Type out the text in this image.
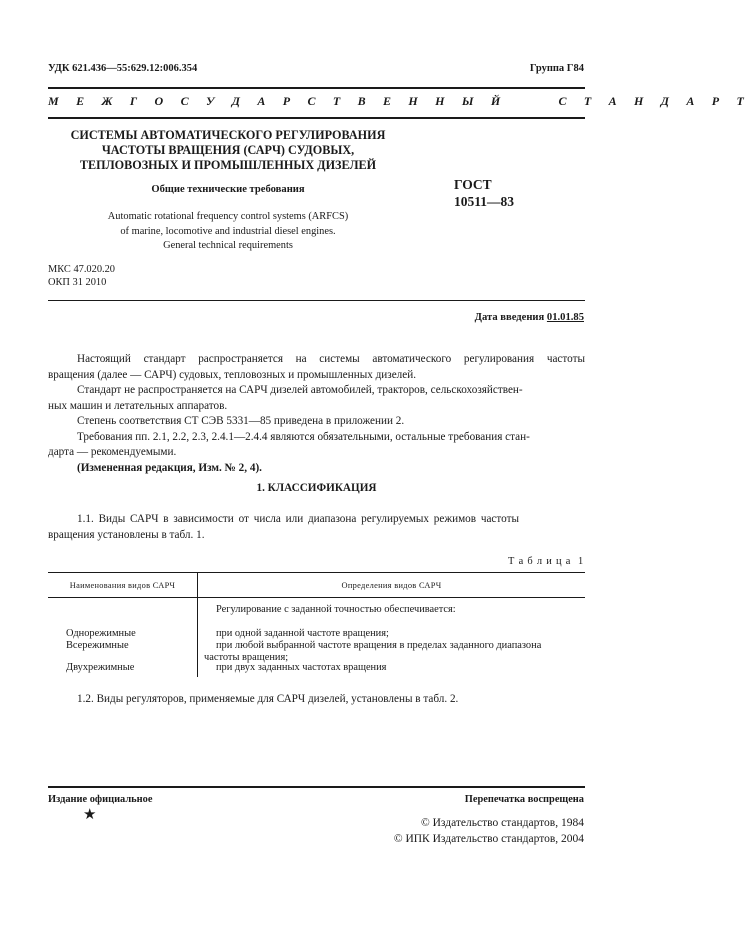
УДК 621.436—55:629.12:006.354	Группа Г84
М Е Ж Г О С У Д А Р С Т В Е Н Н Ы Й     С Т А Н Д А Р Т
СИСТЕМЫ АВТОМАТИЧЕСКОГО РЕГУЛИРОВАНИЯ
ЧАСТОТЫ ВРАЩЕНИЯ (САРЧ) СУДОВЫХ,
ТЕПЛОВОЗНЫХ И ПРОМЫШЛЕННЫХ ДИЗЕЛЕЙ
Общие технические требования
Automatic rotational frequency control systems (ARFCS)
of marine, locomotive and industrial diesel engines.
General technical requirements
ГОСТ
10511—83
МКС 47.020.20
ОКП 31 2010
Дата введения 01.01.85
Настоящий стандарт распространяется на системы автоматического регулирования частоты
вращения (далее — САРЧ) судовых, тепловозных и промышленных дизелей.
Стандарт не распространяется на САРЧ дизелей автомобилей, тракторов, сельскохозяйствен-
ных машин и летательных аппаратов.
Степень соответствия СТ СЭВ 5331—85 приведена в приложении 2.
Требования пп. 2.1, 2.2, 2.3, 2.4.1—2.4.4 являются обязательными, остальные требования стан-
дарта — рекомендуемыми.
(Измененная редакция, Изм. № 2, 4).
1. КЛАССИФИКАЦИЯ
1.1. Виды САРЧ в зависимости от числа или диапазона регулируемых режимов частоты
вращения установлены в табл. 1.
Т а б л и ц а  1
Наименования видов САРЧ	Определения видов САРЧ
Регулирование с заданной точностью обеспечивается:
Однорежимные	при одной заданной частоте вращения;
Всережимные	при любой выбранной частоте вращения в пределах заданного диапазона
частоты вращения;
Двухрежимные	при двух заданных частотах вращения
1.2. Виды регуляторов, применяемые для САРЧ дизелей, установлены в табл. 2.
Издание официальное	Перепечатка воспрещена
★	© Издательство стандартов, 1984
© ИПК Издательство стандартов, 2004
